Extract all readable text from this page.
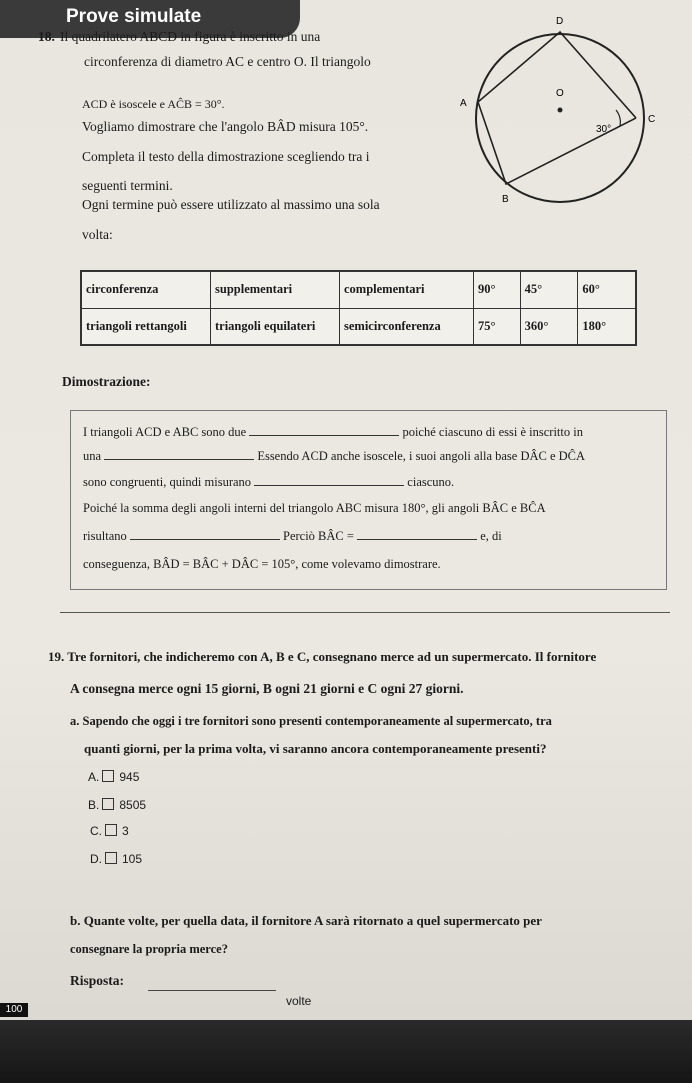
Prove simulate
18. Il quadrilatero ABCD in figura è inscritto in una
circonferenza di diametro AC e centro O. Il triangolo
ACD è isoscele e AĈB = 30°.
Vogliamo dimostrare che l'angolo BÂD misura 105°.
Completa il testo della dimostrazione scegliendo tra i
seguenti termini.
Ogni termine può essere utilizzato al massimo una sola
volta:
D
A
C
B
O
30°
circonferenza	supplementari	complementari	90°	45°	60°
triangoli rettangoli	triangoli equilateri	semicirconferenza	75°	360°	180°
Dimostrazione:
I triangoli ACD e ABC sono due	poiché ciascuno di essi è inscritto in
una	Essendo ACD anche isoscele, i suoi angoli alla base DÂC e DĈA
sono congruenti, quindi misurano	ciascuno.
Poiché la somma degli angoli interni del triangolo ABC misura 180°, gli angoli BÂC e BĈA
risultano	Perciò BÂC =	e, di
conseguenza, BÂD = BÂC + DÂC = 105°, come volevamo dimostrare.
19. Tre fornitori, che indicheremo con A, B e C, consegnano merce ad un supermercato. Il fornitore
A consegna merce ogni 15 giorni, B ogni 21 giorni e C ogni 27 giorni.
a. Sapendo che oggi i tre fornitori sono presenti contemporaneamente al supermercato, tra
quanti giorni, per la prima volta, vi saranno ancora contemporaneamente presenti?
A. 945
B. 8505
C. 3
D. 105
b. Quante volte, per quella data, il fornitore A sarà ritornato a quel supermercato per
consegnare la propria merce?
Risposta:
volte
100
